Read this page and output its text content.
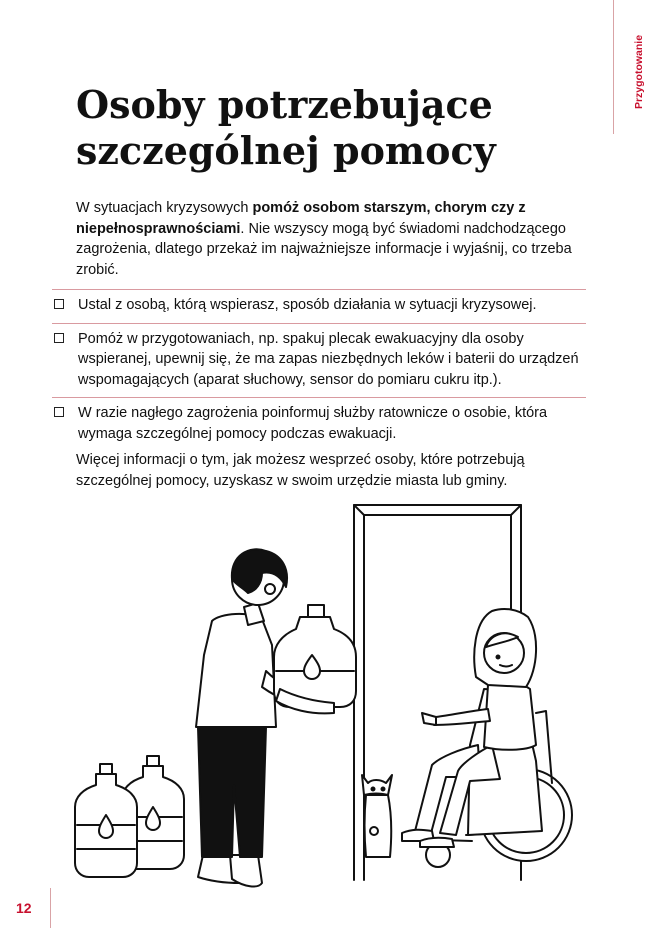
Przygotowanie
Osoby potrzebujące
szczególnej pomocy

W sytuacjach kryzysowych pomóż osobom starszym, chorym czy z niepełnosprawnościami. Nie wszyscy mogą być świadomi nadchodzącego zagrożenia, dlatego przekaż im najważniejsze informacje i wyjaśnij, co trzeba zrobić.

Ustal z osobą, którą wspierasz, sposób działania w sytuacji kryzysowej.
Pomóż w przygotowaniach, np. spakuj plecak ewakuacyjny dla osoby wspieranej, upewnij się, że ma zapas niezbędnych leków i baterii do urządzeń wspomagających (aparat słuchowy, sensor do pomiaru cukru itp.).
W razie nagłego zagrożenia poinformuj służby ratownicze o osobie, która wymaga szczególnej pomocy podczas ewakuacji.

Więcej informacji o tym, jak możesz wesprzeć osoby, które potrzebują szczególnej pomocy, uzyskasz w swoim urzędzie miasta lub gminy.

12
